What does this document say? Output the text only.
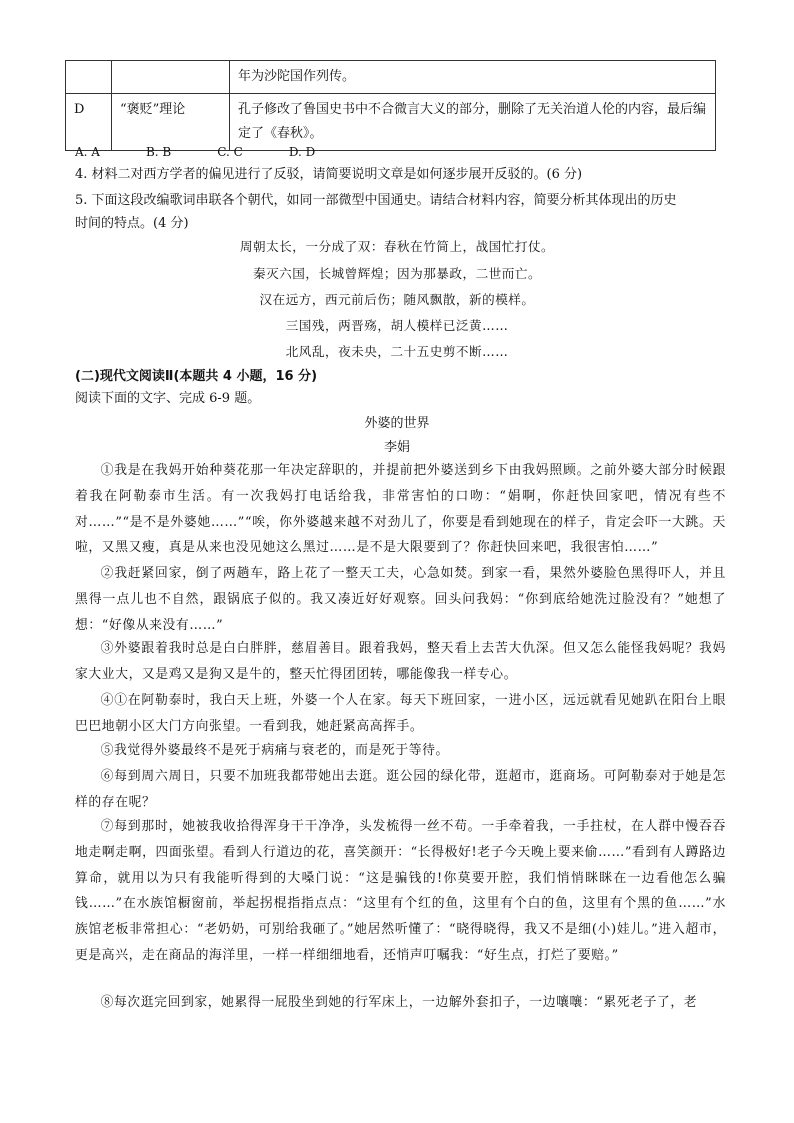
		年为沙陀国作列传。
D	“褒贬”理论	孔子修改了鲁国史书中不合微言大义的部分，删除了无关治道人伦的内容，最后编定了《春秋》。
A. A	B. B	C. C	D. D
4. 材料二对西方学者的偏见进行了反驳，请简要说明文章是如何逐步展开反驳的。(6 分)
5. 下面这段改编歌词串联各个朝代，如同一部微型中国通史。请结合材料内容，简要分析其体现出的历史
时间的特点。(4 分)
周朝太长，一分成了双：春秋在竹简上，战国忙打仗。
秦灭六国，长城曾辉煌；因为那暴政，二世而亡。
汉在远方，西元前后伤；随风飘散，新的模样。
三国残，两晋殇，胡人模样已泛黄……
北风乱，夜未央，二十五史剪不断……
(二)现代文阅读Ⅱ(本题共 4 小题，16 分)
阅读下面的文字、完成 6-9 题。
外婆的世界
李娟
①我是在我妈开始种葵花那一年决定辞职的，并提前把外婆送到乡下由我妈照顾。之前外婆大部分时候跟着我在阿勒泰市生活。有一次我妈打电话给我，非常害怕的口吻：“娟啊，你赶快回家吧，情况有些不对……”“是不是外婆她……”“唉，你外婆越来越不对劲儿了，你要是看到她现在的样子，肯定会吓一大跳。天啦，又黑又瘦，真是从来也没见她这么黑过……是不是大限要到了？你赶快回来吧，我很害怕……”
②我赶紧回家，倒了两趟车，路上花了一整天工夫，心急如焚。到家一看，果然外婆脸色黑得吓人，并且黑得一点儿也不自然，跟锅底子似的。我又凑近好好观察。回头问我妈：“你到底给她洗过脸没有？”她想了想：“好像从来没有……”
③外婆跟着我时总是白白胖胖，慈眉善目。跟着我妈，整天看上去苦大仇深。但又怎么能怪我妈呢？我妈家大业大，又是鸡又是狗又是牛的，整天忙得团团转，哪能像我一样专心。
④①在阿勒泰时，我白天上班，外婆一个人在家。每天下班回家，一进小区，远远就看见她趴在阳台上眼巴巴地朝小区大门方向张望。一看到我，她赶紧高高挥手。
⑤我觉得外婆最终不是死于病痛与衰老的，而是死于等待。
⑥每到周六周日，只要不加班我都带她出去逛。逛公园的绿化带，逛超市，逛商场。可阿勒泰对于她是怎样的存在呢？
⑦每到那时，她被我收拾得浑身干干净净，头发梳得一丝不苟。一手牵着我，一手拄杖，在人群中慢吞吞地走啊走啊，四面张望。看到人行道边的花，喜笑颜开：“长得极好!老子今天晚上要来偷……”看到有人蹲路边算命，就用以为只有我能听得到的大嗓门说：“这是骗钱的!你莫要开腔，我们悄悄眯眯在一边看他怎么骗钱……”在水族馆橱窗前，举起拐棍指指点点：“这里有个红的鱼，这里有个白的鱼，这里有个黑的鱼……”水族馆老板非常担心：“老奶奶，可别给我砸了。”她居然听懂了：“晓得晓得，我又不是细(小)娃儿。”进入超市，更是高兴，走在商品的海洋里，一样一样细细地看，还悄声叮嘱我：“好生点，打烂了要赔。”
⑧每次逛完回到家，她累得一屁股坐到她的行军床上，一边解外套扣子，一边嚷嚷：“累死老子了，老
